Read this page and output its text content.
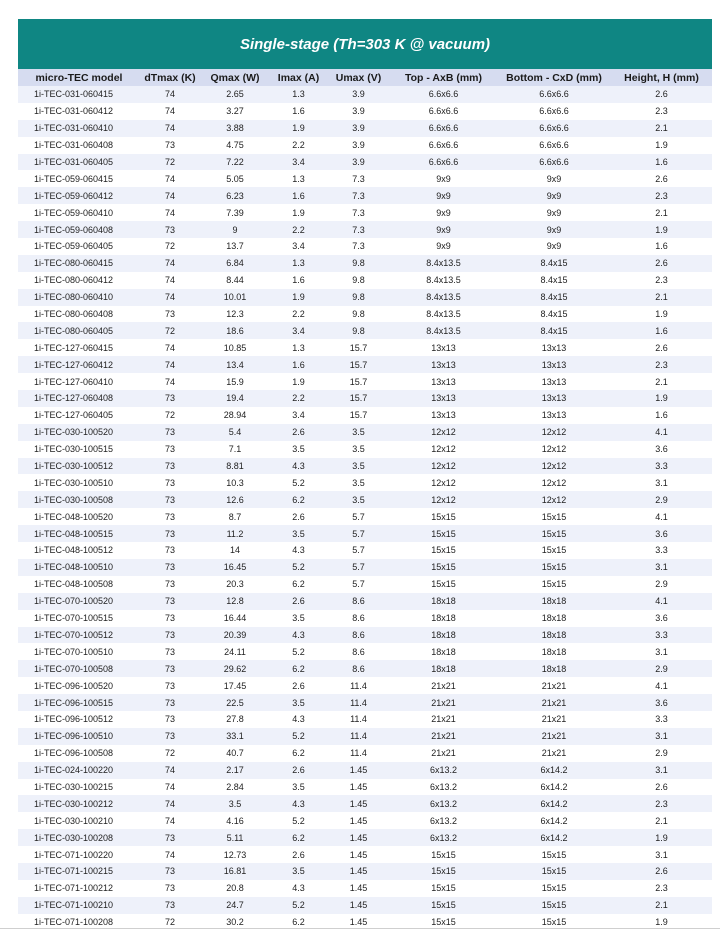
Single-stage (Th=303 K @ vacuum)
micro-TEC model	dTmax (K)	Qmax (W)	Imax (A)	Umax (V)	Top - AxB (mm)	Bottom - CxD (mm)	Height, H (mm)
1i-TEC-031-060415	74	2.65	1.3	3.9	6.6x6.6	6.6x6.6	2.6
1i-TEC-031-060412	74	3.27	1.6	3.9	6.6x6.6	6.6x6.6	2.3
1i-TEC-031-060410	74	3.88	1.9	3.9	6.6x6.6	6.6x6.6	2.1
1i-TEC-031-060408	73	4.75	2.2	3.9	6.6x6.6	6.6x6.6	1.9
1i-TEC-031-060405	72	7.22	3.4	3.9	6.6x6.6	6.6x6.6	1.6
1i-TEC-059-060415	74	5.05	1.3	7.3	9x9	9x9	2.6
1i-TEC-059-060412	74	6.23	1.6	7.3	9x9	9x9	2.3
1i-TEC-059-060410	74	7.39	1.9	7.3	9x9	9x9	2.1
1i-TEC-059-060408	73	9	2.2	7.3	9x9	9x9	1.9
1i-TEC-059-060405	72	13.7	3.4	7.3	9x9	9x9	1.6
1i-TEC-080-060415	74	6.84	1.3	9.8	8.4x13.5	8.4x15	2.6
1i-TEC-080-060412	74	8.44	1.6	9.8	8.4x13.5	8.4x15	2.3
1i-TEC-080-060410	74	10.01	1.9	9.8	8.4x13.5	8.4x15	2.1
1i-TEC-080-060408	73	12.3	2.2	9.8	8.4x13.5	8.4x15	1.9
1i-TEC-080-060405	72	18.6	3.4	9.8	8.4x13.5	8.4x15	1.6
1i-TEC-127-060415	74	10.85	1.3	15.7	13x13	13x13	2.6
1i-TEC-127-060412	74	13.4	1.6	15.7	13x13	13x13	2.3
1i-TEC-127-060410	74	15.9	1.9	15.7	13x13	13x13	2.1
1i-TEC-127-060408	73	19.4	2.2	15.7	13x13	13x13	1.9
1i-TEC-127-060405	72	28.94	3.4	15.7	13x13	13x13	1.6
1i-TEC-030-100520	73	5.4	2.6	3.5	12x12	12x12	4.1
1i-TEC-030-100515	73	7.1	3.5	3.5	12x12	12x12	3.6
1i-TEC-030-100512	73	8.81	4.3	3.5	12x12	12x12	3.3
1i-TEC-030-100510	73	10.3	5.2	3.5	12x12	12x12	3.1
1i-TEC-030-100508	73	12.6	6.2	3.5	12x12	12x12	2.9
1i-TEC-048-100520	73	8.7	2.6	5.7	15x15	15x15	4.1
1i-TEC-048-100515	73	11.2	3.5	5.7	15x15	15x15	3.6
1i-TEC-048-100512	73	14	4.3	5.7	15x15	15x15	3.3
1i-TEC-048-100510	73	16.45	5.2	5.7	15x15	15x15	3.1
1i-TEC-048-100508	73	20.3	6.2	5.7	15x15	15x15	2.9
1i-TEC-070-100520	73	12.8	2.6	8.6	18x18	18x18	4.1
1i-TEC-070-100515	73	16.44	3.5	8.6	18x18	18x18	3.6
1i-TEC-070-100512	73	20.39	4.3	8.6	18x18	18x18	3.3
1i-TEC-070-100510	73	24.11	5.2	8.6	18x18	18x18	3.1
1i-TEC-070-100508	73	29.62	6.2	8.6	18x18	18x18	2.9
1i-TEC-096-100520	73	17.45	2.6	11.4	21x21	21x21	4.1
1i-TEC-096-100515	73	22.5	3.5	11.4	21x21	21x21	3.6
1i-TEC-096-100512	73	27.8	4.3	11.4	21x21	21x21	3.3
1i-TEC-096-100510	73	33.1	5.2	11.4	21x21	21x21	3.1
1i-TEC-096-100508	72	40.7	6.2	11.4	21x21	21x21	2.9
1i-TEC-024-100220	74	2.17	2.6	1.45	6x13.2	6x14.2	3.1
1i-TEC-030-100215	74	2.84	3.5	1.45	6x13.2	6x14.2	2.6
1i-TEC-030-100212	74	3.5	4.3	1.45	6x13.2	6x14.2	2.3
1i-TEC-030-100210	74	4.16	5.2	1.45	6x13.2	6x14.2	2.1
1i-TEC-030-100208	73	5.11	6.2	1.45	6x13.2	6x14.2	1.9
1i-TEC-071-100220	74	12.73	2.6	1.45	15x15	15x15	3.1
1i-TEC-071-100215	73	16.81	3.5	1.45	15x15	15x15	2.6
1i-TEC-071-100212	73	20.8	4.3	1.45	15x15	15x15	2.3
1i-TEC-071-100210	73	24.7	5.2	1.45	15x15	15x15	2.1
1i-TEC-071-100208	72	30.2	6.2	1.45	15x15	15x15	1.9
